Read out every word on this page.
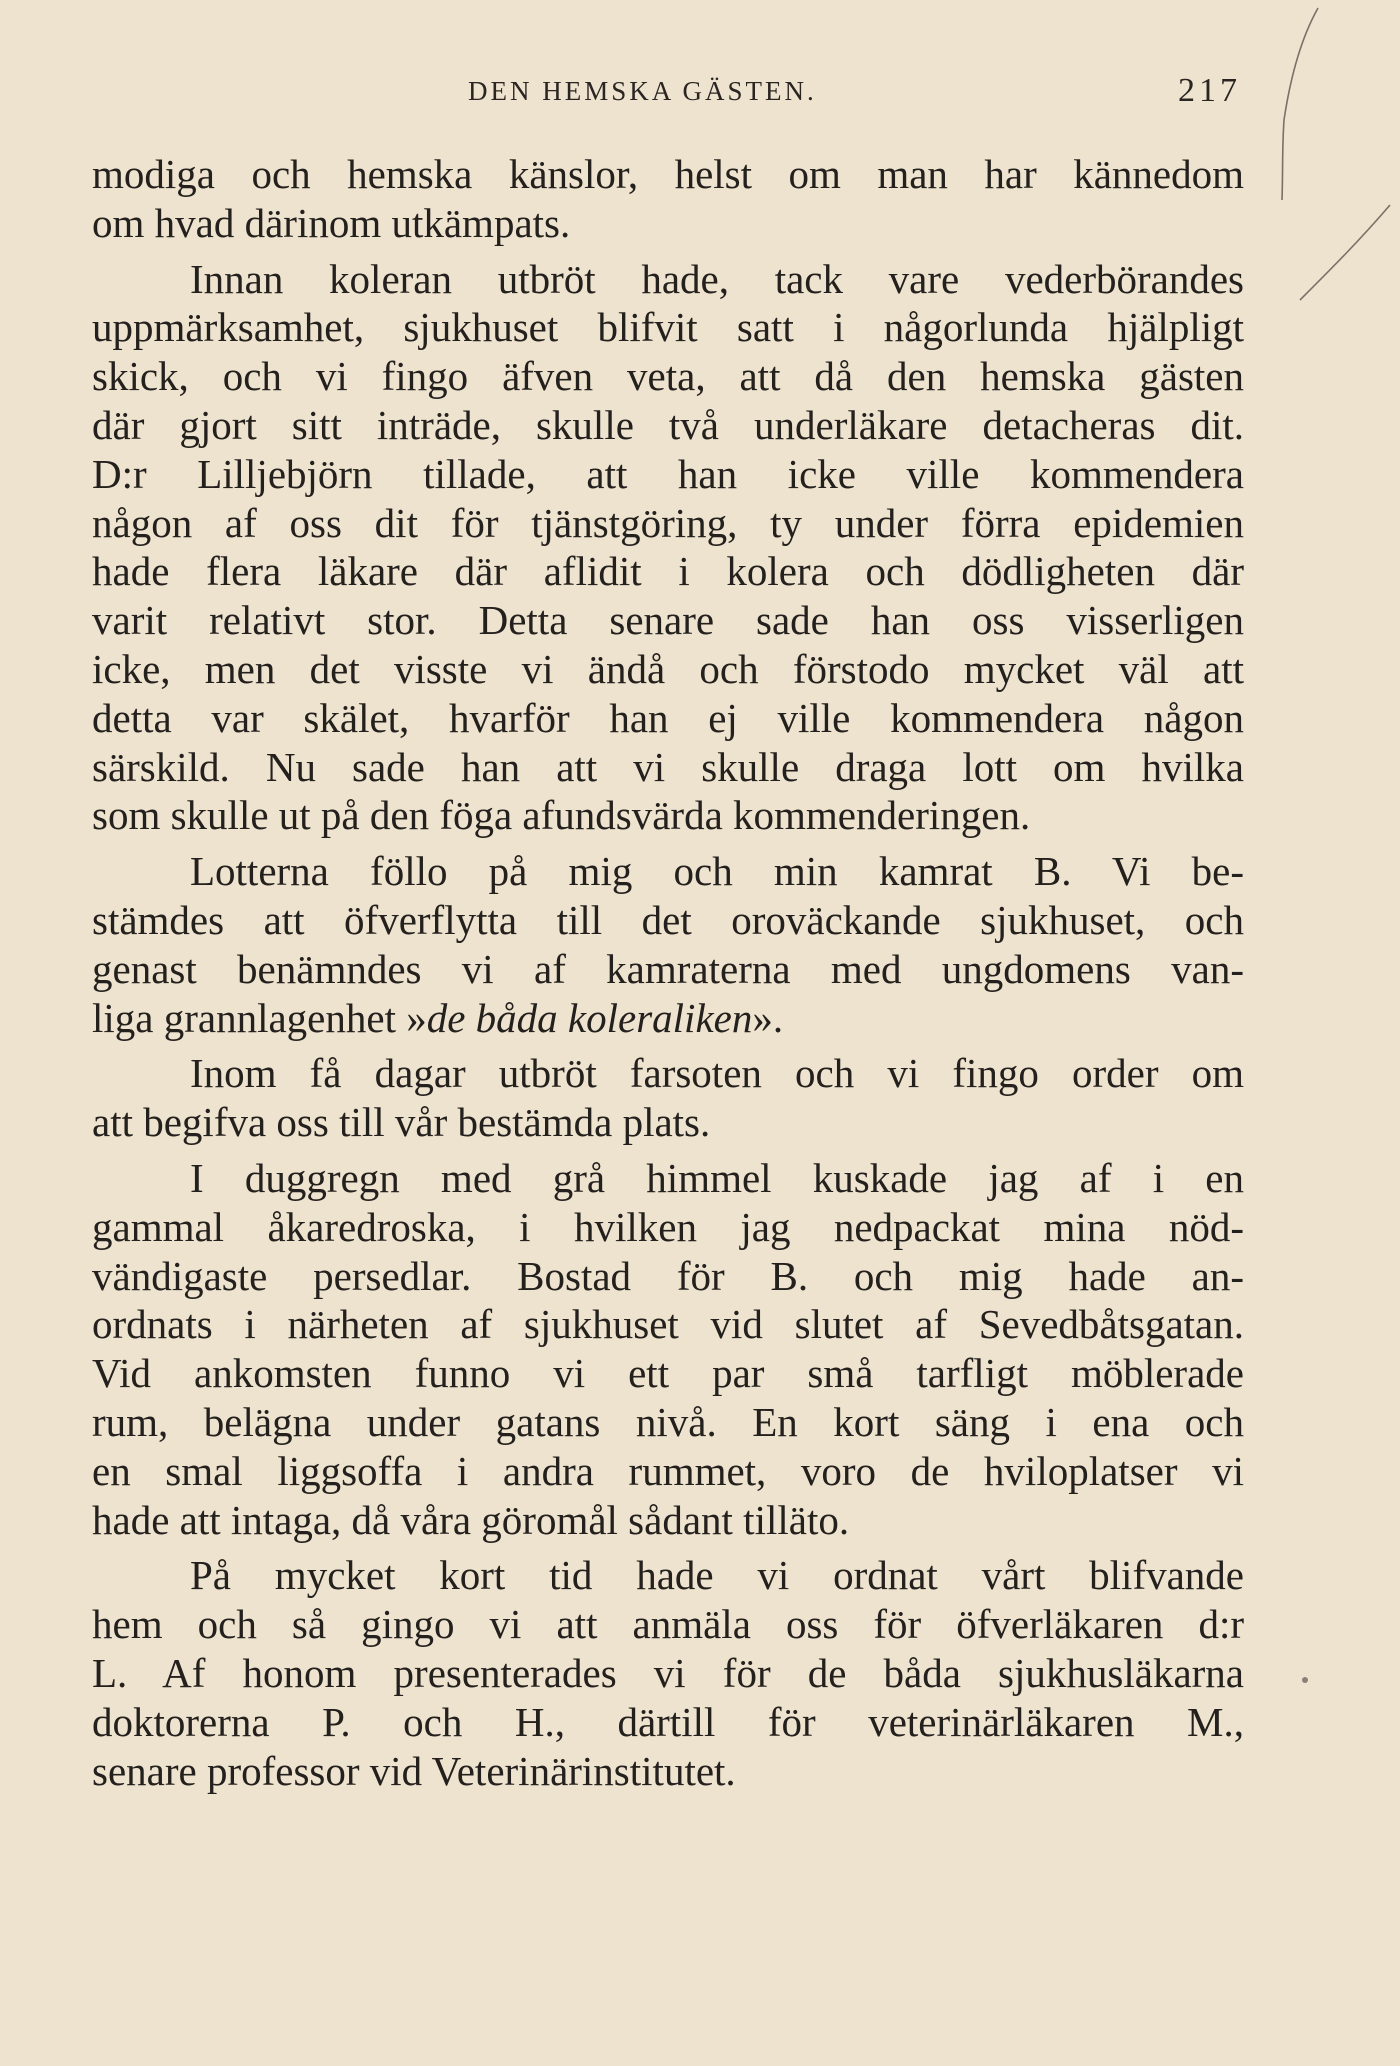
DEN HEMSKA GÄSTEN.	217
modiga och hemska känslor, helst om man har kännedom
om hvad därinom utkämpats.
Innan koleran utbröt hade, tack vare vederbörandes
uppmärksamhet, sjukhuset blifvit satt i någorlunda hjälpligt
skick, och vi fingo äfven veta, att då den hemska gästen
där gjort sitt inträde, skulle två underläkare detacheras dit.
D:r Lilljebjörn tillade, att han icke ville kommendera
någon af oss dit för tjänstgöring, ty under förra epidemien
hade flera läkare där aflidit i kolera och dödligheten där
varit relativt stor. Detta senare sade han oss visserligen
icke, men det visste vi ändå och förstodo mycket väl att
detta var skälet, hvarför han ej ville kommendera någon
särskild. Nu sade han att vi skulle draga lott om hvilka
som skulle ut på den föga afundsvärda kommenderingen.
Lotterna föllo på mig och min kamrat B. Vi be-
stämdes att öfverflytta till det oroväckande sjukhuset, och
genast benämndes vi af kamraterna med ungdomens van-
liga grannlagenhet »de båda koleraliken».
Inom få dagar utbröt farsoten och vi fingo order om
att begifva oss till vår bestämda plats.
I duggregn med grå himmel kuskade jag af i en
gammal åkaredroska, i hvilken jag nedpackat mina nöd-
vändigaste persedlar. Bostad för B. och mig hade an-
ordnats i närheten af sjukhuset vid slutet af Sevedbåtsgatan.
Vid ankomsten funno vi ett par små tarfligt möblerade
rum, belägna under gatans nivå. En kort säng i ena och
en smal liggsoffa i andra rummet, voro de hviloplatser vi
hade att intaga, då våra göromål sådant tilläto.
På mycket kort tid hade vi ordnat vårt blifvande
hem och så gingo vi att anmäla oss för öfverläkaren d:r
L. Af honom presenterades vi för de båda sjukhusläkarna
doktorerna P. och H., därtill för veterinärläkaren M.,
senare professor vid Veterinärinstitutet.
